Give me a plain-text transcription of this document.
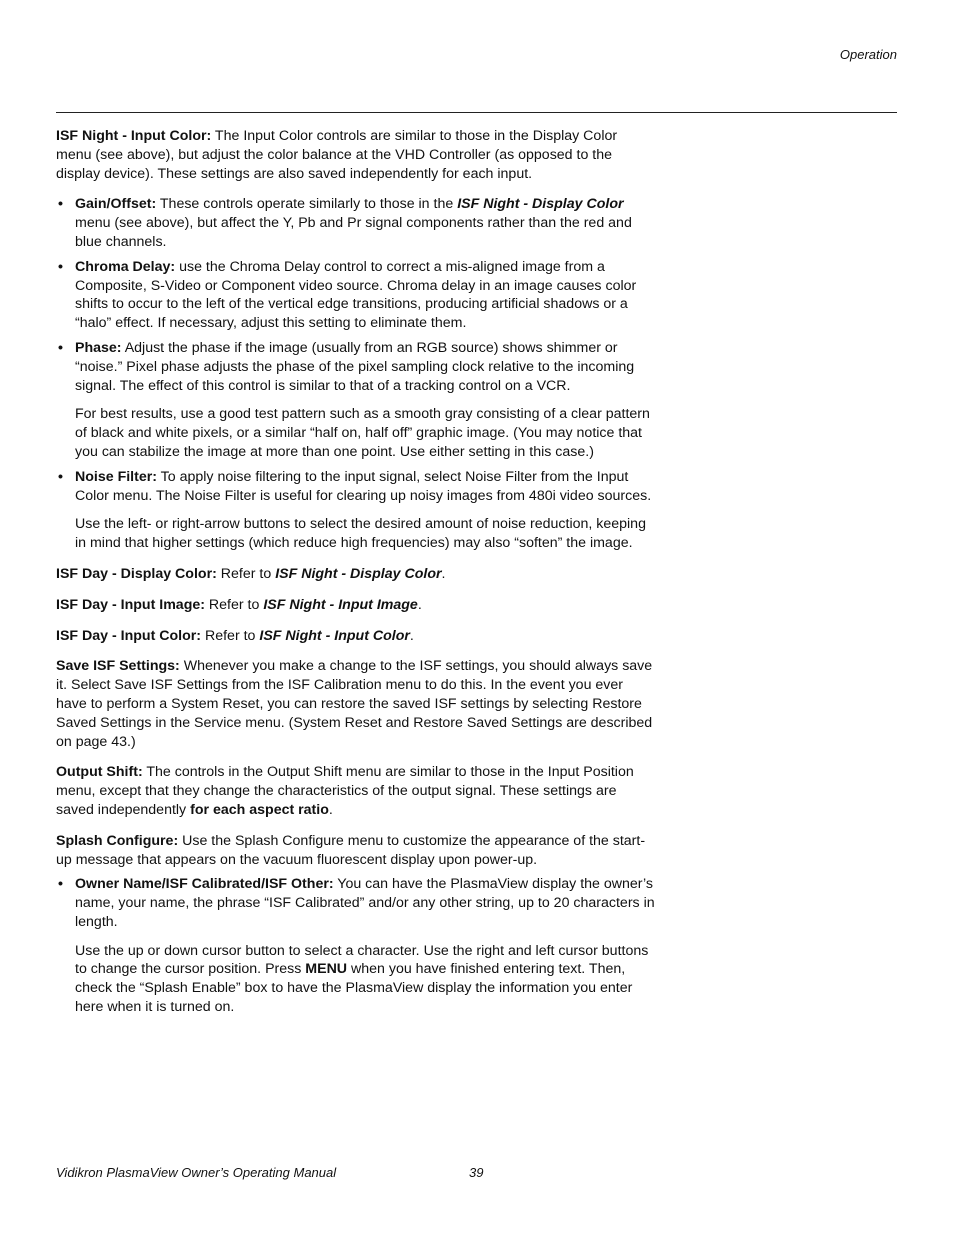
Operation

ISF Night - Input Color: The Input Color controls are similar to those in the Display Color menu (see above), but adjust the color balance at the VHD Controller (as opposed to the display device). These settings are also saved independently for each input.

• Gain/Offset: These controls operate similarly to those in the ISF Night - Display Color menu (see above), but affect the Y, Pb and Pr signal components rather than the red and blue channels.
• Chroma Delay: use the Chroma Delay control to correct a mis-aligned image from a Composite, S-Video or Component video source. Chroma delay in an image causes color shifts to occur to the left of the vertical edge transitions, producing artificial shadows or a “halo” effect. If necessary, adjust this setting to eliminate them.
• Phase: Adjust the phase if the image (usually from an RGB source) shows shimmer or “noise.” Pixel phase adjusts the phase of the pixel sampling clock relative to the incoming signal. The effect of this control is similar to that of a tracking control on a VCR.

For best results, use a good test pattern such as a smooth gray consisting of a clear pattern of black and white pixels, or a similar “half on, half off” graphic image. (You may notice that you can stabilize the image at more than one point. Use either setting in this case.)

• Noise Filter: To apply noise filtering to the input signal, select Noise Filter from the Input Color menu. The Noise Filter is useful for clearing up noisy images from 480i video sources.

Use the left- or right-arrow buttons to select the desired amount of noise reduction, keeping in mind that higher settings (which reduce high frequencies) may also “soften” the image.

ISF Day - Display Color: Refer to ISF Night - Display Color.

ISF Day - Input Image: Refer to ISF Night - Input Image.

ISF Day - Input Color: Refer to ISF Night - Input Color.

Save ISF Settings: Whenever you make a change to the ISF settings, you should always save it. Select Save ISF Settings from the ISF Calibration menu to do this. In the event you ever have to perform a System Reset, you can restore the saved ISF settings by selecting Restore Saved Settings in the Service menu. (System Reset and Restore Saved Settings are described on page 43.)

Output Shift: The controls in the Output Shift menu are similar to those in the Input Position menu, except that they change the characteristics of the output signal. These settings are saved independently for each aspect ratio.

Splash Configure: Use the Splash Configure menu to customize the appearance of the start-up message that appears on the vacuum fluorescent display upon power-up.

• Owner Name/ISF Calibrated/ISF Other: You can have the PlasmaView display the owner’s name, your name, the phrase “ISF Calibrated” and/or any other string, up to 20 characters in length.

Use the up or down cursor button to select a character. Use the right and left cursor buttons to change the cursor position. Press MENU when you have finished entering text. Then, check the “Splash Enable” box to have the PlasmaView display the information you enter here when it is turned on.

Vidikron PlasmaView Owner’s Operating Manual	39
